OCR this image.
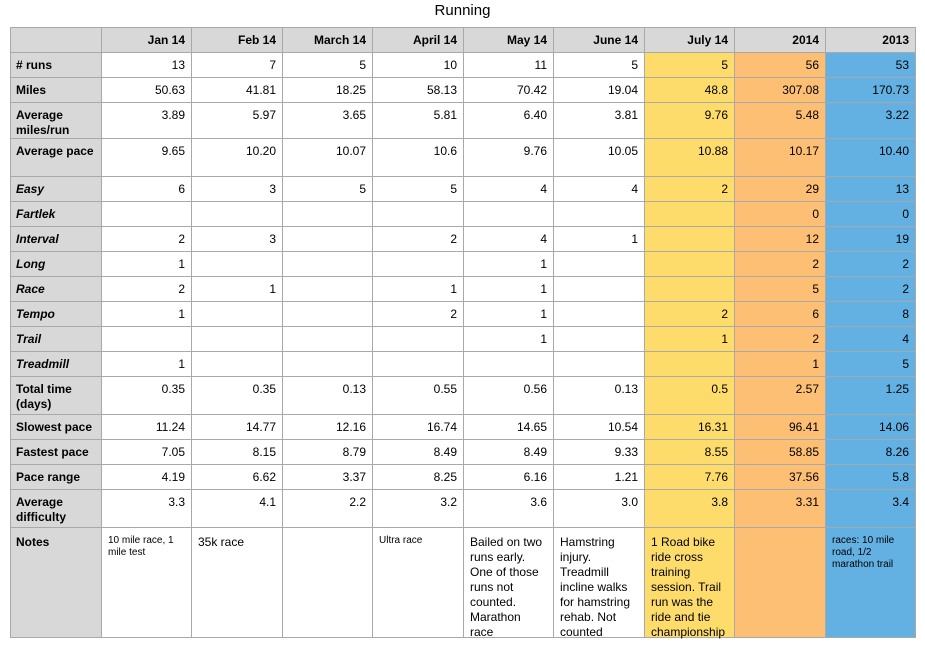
Running
	Jan 14	Feb 14	March 14	April 14	May 14	June 14	July 14	2014	2013
# runs	13	7	5	10	11	5	5	56	53
Miles	50.63	41.81	18.25	58.13	70.42	19.04	48.8	307.08	170.73
Average miles/run	3.89	5.97	3.65	5.81	6.40	3.81	9.76	5.48	3.22
Average pace	9.65	10.20	10.07	10.6	9.76	10.05	10.88	10.17	10.40
Easy	6	3	5	5	4	4	2	29	13
Fartlek								0	0
Interval	2	3		2	4	1		12	19
Long	1				1			2	2
Race	2	1		1	1			5	2
Tempo	1			2	1		2	6	8
Trail					1		1	2	4
Treadmill	1							1	5
Total time (days)	0.35	0.35	0.13	0.55	0.56	0.13	0.5	2.57	1.25
Slowest pace	11.24	14.77	12.16	16.74	14.65	10.54	16.31	96.41	14.06
Fastest pace	7.05	8.15	8.79	8.49	8.49	9.33	8.55	58.85	8.26
Pace range	4.19	6.62	3.37	8.25	6.16	1.21	7.76	37.56	5.8
Average difficulty	3.3	4.1	2.2	3.2	3.6	3.0	3.8	3.31	3.4
Notes	10 mile race, 1 mile test	35k race		Ultra race	Bailed on two runs early. One of those runs not counted. Marathon race	Hamstring injury. Treadmill incline walks for hamstring rehab. Not counted	1 Road bike ride cross training session. Trail run was the ride and tie championship		races: 10 mile road, 1/2 marathon trail
